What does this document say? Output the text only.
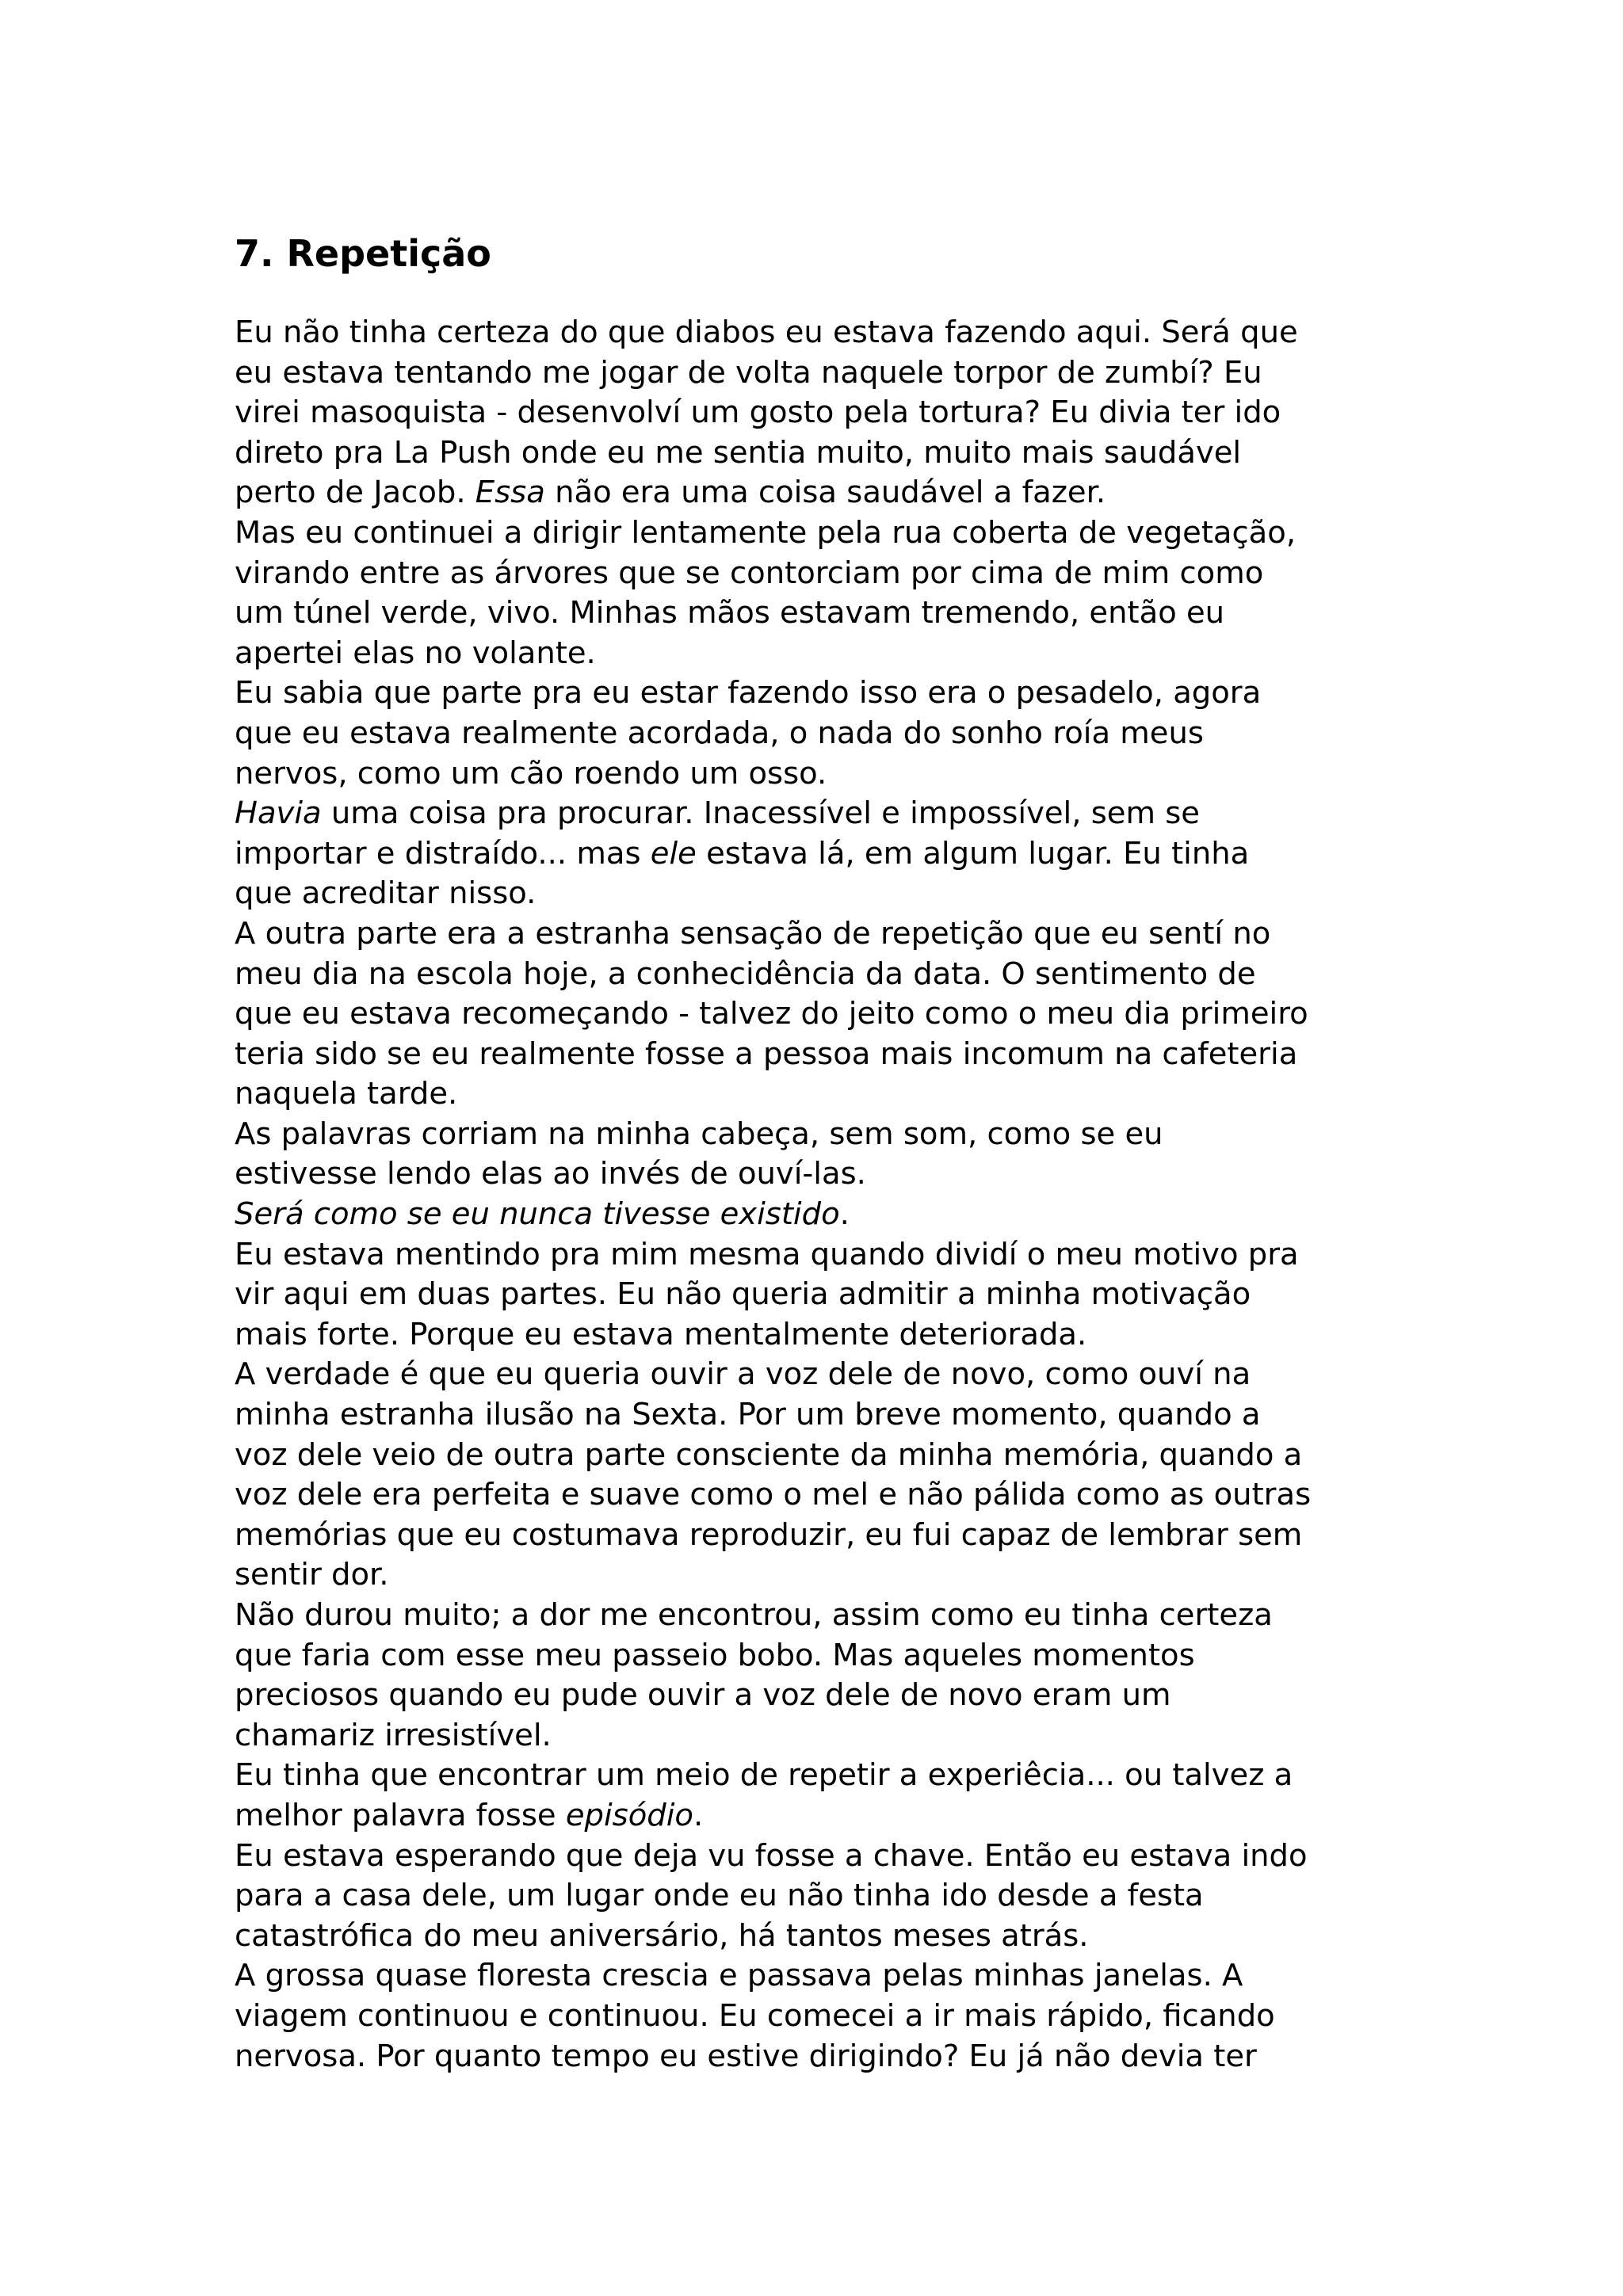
7. Repetição

Eu não tinha certeza do que diabos eu estava fazendo aqui. Será que
eu estava tentando me jogar de volta naquele torpor de zumbí? Eu
virei masoquista - desenvolví um gosto pela tortura? Eu divia ter ido
direto pra La Push onde eu me sentia muito, muito mais saudável
perto de Jacob. Essa não era uma coisa saudável a fazer.

Mas eu continuei a dirigir lentamente pela rua coberta de vegetação,
virando entre as árvores que se contorciam por cima de mim como
um túnel verde, vivo. Minhas mãos estavam tremendo, então eu
apertei elas no volante.

Eu sabia que parte pra eu estar fazendo isso era o pesadelo, agora
que eu estava realmente acordada, o nada do sonho roía meus
nervos, como um cão roendo um osso.

Havia uma coisa pra procurar. Inacessível e impossível, sem se
importar e distraído... mas ele estava lá, em algum lugar. Eu tinha
que acreditar nisso.

A outra parte era a estranha sensação de repetição que eu sentí no
meu dia na escola hoje, a conhecidência da data. O sentimento de
que eu estava recomeçando - talvez do jeito como o meu dia primeiro
teria sido se eu realmente fosse a pessoa mais incomum na cafeteria
naquela tarde.

As palavras corriam na minha cabeça, sem som, como se eu
estivesse lendo elas ao invés de ouví-las.

Será como se eu nunca tivesse existido.

Eu estava mentindo pra mim mesma quando dividí o meu motivo pra
vir aqui em duas partes. Eu não queria admitir a minha motivação
mais forte. Porque eu estava mentalmente deteriorada.

A verdade é que eu queria ouvir a voz dele de novo, como ouví na
minha estranha ilusão na Sexta. Por um breve momento, quando a
voz dele veio de outra parte consciente da minha memória, quando a
voz dele era perfeita e suave como o mel e não pálida como as outras
memórias que eu costumava reproduzir, eu fui capaz de lembrar sem
sentir dor.

Não durou muito; a dor me encontrou, assim como eu tinha certeza
que faria com esse meu passeio bobo. Mas aqueles momentos
preciosos quando eu pude ouvir a voz dele de novo eram um
chamariz irresistível.

Eu tinha que encontrar um meio de repetir a experiêcia... ou talvez a
melhor palavra fosse episódio.

Eu estava esperando que deja vu fosse a chave. Então eu estava indo
para a casa dele, um lugar onde eu não tinha ido desde a festa
catastrófica do meu aniversário, há tantos meses atrás.

A grossa quase floresta crescia e passava pelas minhas janelas. A
viagem continuou e continuou. Eu comecei a ir mais rápido, ficando
nervosa. Por quanto tempo eu estive dirigindo? Eu já não devia ter
